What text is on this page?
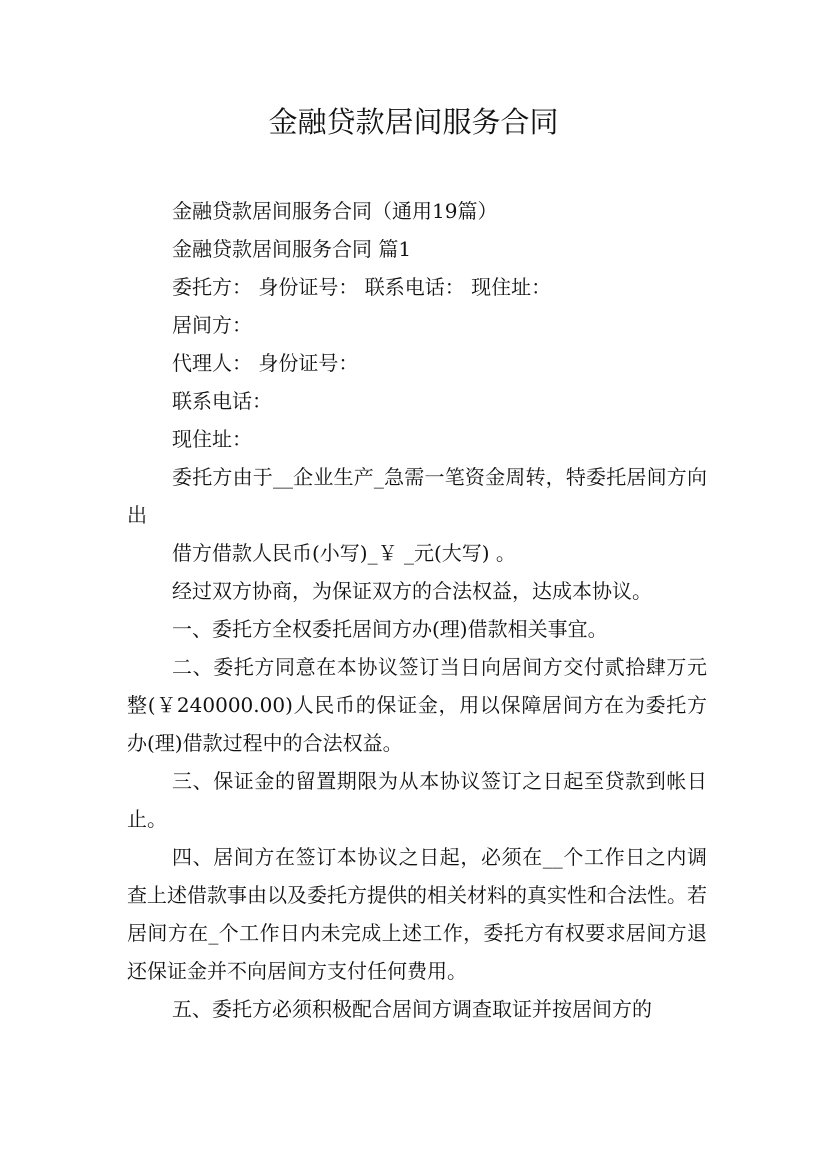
金融贷款居间服务合同

金融贷款居间服务合同（通用19篇）

金融贷款居间服务合同 篇1

委托方： 身份证号： 联系电话： 现住址：

居间方：

代理人： 身份证号：

联系电话：

现住址：

委托方由于__企业生产_急需一笔资金周转，特委托居间方向出

借方借款人民币(小写)_￥ _元(大写) 。

经过双方协商，为保证双方的合法权益，达成本协议。

一、委托方全权委托居间方办(理)借款相关事宜。

二、委托方同意在本协议签订当日向居间方交付贰拾肆万元整(￥240000.00)人民币的保证金，用以保障居间方在为委托方办(理)借款过程中的合法权益。

三、保证金的留置期限为从本协议签订之日起至贷款到帐日止。

四、居间方在签订本协议之日起，必须在__个工作日之内调查上述借款事由以及委托方提供的相关材料的真实性和合法性。若居间方在_个工作日内未完成上述工作，委托方有权要求居间方退还保证金并不向居间方支付任何费用。

五、委托方必须积极配合居间方调查取证并按居间方的
